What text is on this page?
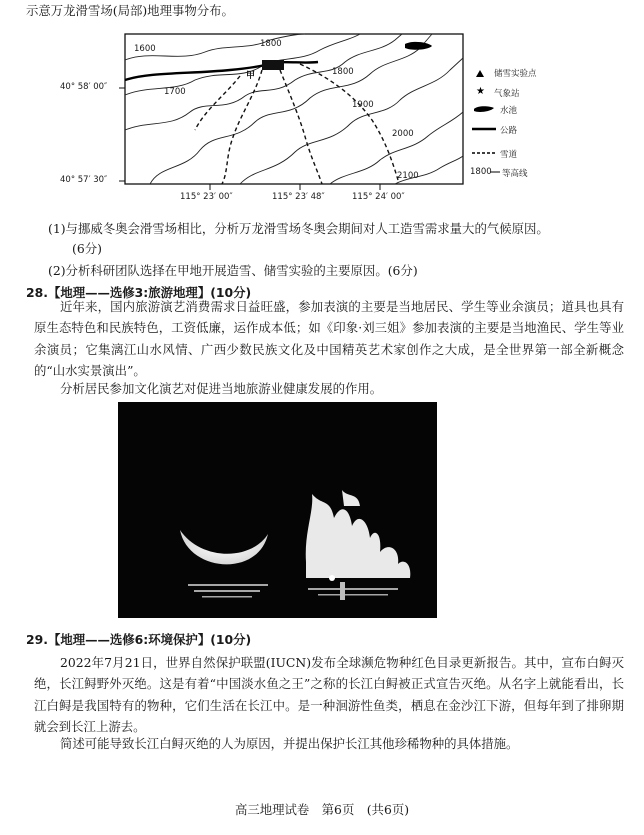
示意万龙滑雪场(局部)地理事物分布。
★
1600	1800
1700
1800
1900
2000
2100
甲
40° 58′ 00″
40° 57′ 30″
115° 23′ 00″	115° 23′ 48″	115° 24′ 00″
储雪实验点
气象站
水池
公路
雪道
1800 等高线
(1)与挪威冬奥会滑雪场相比，分析万龙滑雪场冬奥会期间对人工造雪需求量大的气候原因。
(6分)
(2)分析科研团队选择在甲地开展造雪、储雪实验的主要原因。(6分)
28.【地理——选修3:旅游地理】(10分)
近年来，国内旅游演艺消费需求日益旺盛，参加表演的主要是当地居民、学生等业余演员；道具也具有原生态特色和民族特色，工资低廉，运作成本低；如《印象·刘三姐》参加表演的主要是当地渔民、学生等业余演员；它集漓江山水风情、广西少数民族文化及中国精英艺术家创作之大成，是全世界第一部全新概念的“山水实景演出”。
分析居民参加文化演艺对促进当地旅游业健康发展的作用。
29.【地理——选修6:环境保护】(10分)
2022年7月21日，世界自然保护联盟(IUCN)发布全球濒危物种红色目录更新报告。其中，宣布白鲟灭绝，长江鲟野外灭绝。这是有着“中国淡水鱼之王”之称的长江白鲟被正式宣告灭绝。从名字上就能看出，长江白鲟是我国特有的物种，它们生活在长江中。是一种洄游性鱼类，栖息在金沙江下游，但每年到了排卵期就会到长江上游去。
简述可能导致长江白鲟灭绝的人为原因，并提出保护长江其他珍稀物种的具体措施。
高三地理试卷　第6页　(共6页)
